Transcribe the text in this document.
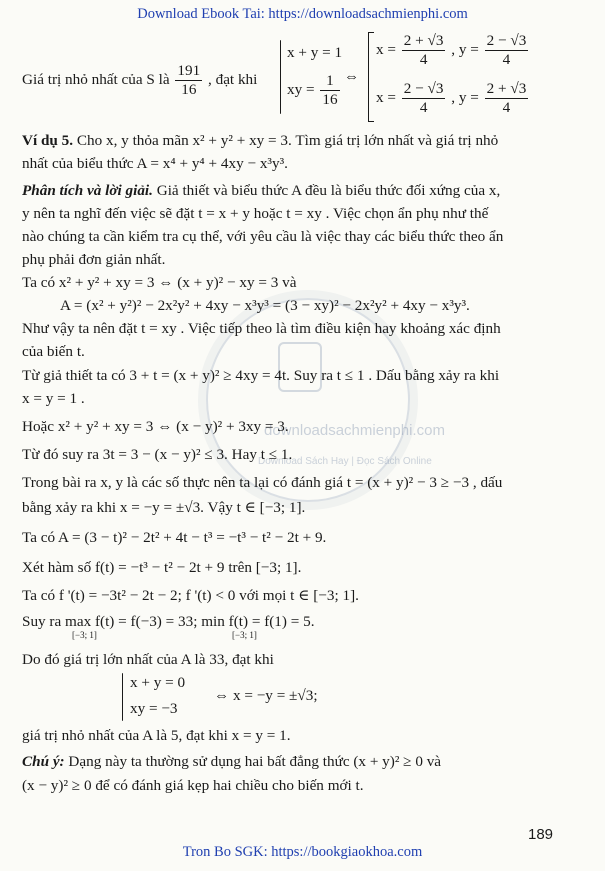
Download Ebook Tai: https://downloadsachmienphi.com
downloadsachmienphi.com
Download Sách Hay | Đọc Sách Online
Giá trị nhỏ nhất của S là $\frac{191}{16}$ , đạt khi
x + y = 1
xy = $\frac{1}{16}$ ⇔
$x = \frac{2 + √3}{4}$ , $y = \frac{2 - √3}{4}$
$x = \frac{2 - √3}{4}$ , $y = \frac{2 + √3}{4}$
Ví dụ 5. Cho x, y thỏa mãn x² + y² + xy = 3. Tìm giá trị lớn nhất và giá trị nhỏ
nhất của biểu thức A = x⁴ + y⁴ + 4xy − x³y³.
Phân tích và lời giải. Giả thiết và biểu thức A đều là biểu thức đối xứng của x,
y nên ta nghĩ đến việc sẽ đặt t = x + y hoặc t = xy . Việc chọn ẩn phụ như thế
nào chúng ta cần kiểm tra cụ thể, với yêu cầu là việc thay các biểu thức theo ẩn
phụ phải đơn giản nhất.
Ta có x² + y² + xy = 3 ⇔ (x + y)² − xy = 3 và
A = (x² + y²)² − 2x²y² + 4xy − x³y³ = (3 − xy)² − 2x²y² + 4xy − x³y³.
Như vậy ta nên đặt t = xy . Việc tiếp theo là tìm điều kiện hay khoảng xác định
của biến t.
Từ giả thiết ta có 3 + t = (x + y)² ≥ 4xy = 4t. Suy ra t ≤ 1 . Dấu bằng xảy ra khi
x = y = 1 .
Hoặc x² + y² + xy = 3 ⇔ (x − y)² + 3xy = 3.
Từ đó suy ra 3t = 3 − (x − y)² ≤ 3. Hay t ≤ 1.
Trong bài ra x, y là các số thực nên ta lại có đánh giá t = (x + y)² − 3 ≥ −3 , dấu
bằng xảy ra khi x = −y = ±√3. Vậy t ∈ [−3; 1].
Ta có A = (3 − t)² − 2t² + 4t − t³ = −t³ − t² − 2t + 9.
Xét hàm số f(t) = −t³ − t² − 2t + 9 trên [−3; 1].
Ta có f '(t) = −3t² − 2t − 2; f '(t) < 0 với mọi t ∈ [−3; 1].
Suy ra max f(t) = f(−3) = 33; min f(t) = f(1) = 5.
[−3; 1]	[−3; 1]
Do đó giá trị lớn nhất của A là 33, đạt khi
x + y = 0
xy = −3
⇔ x = −y = ±√3;
giá trị nhỏ nhất của A là 5, đạt khi x = y = 1.
Chú ý: Dạng này ta thường sử dụng hai bất đẳng thức (x + y)² ≥ 0 và
(x − y)² ≥ 0 để có đánh giá kẹp hai chiều cho biến mới t.
189
Tron Bo SGK: https://bookgiaokhoa.com
